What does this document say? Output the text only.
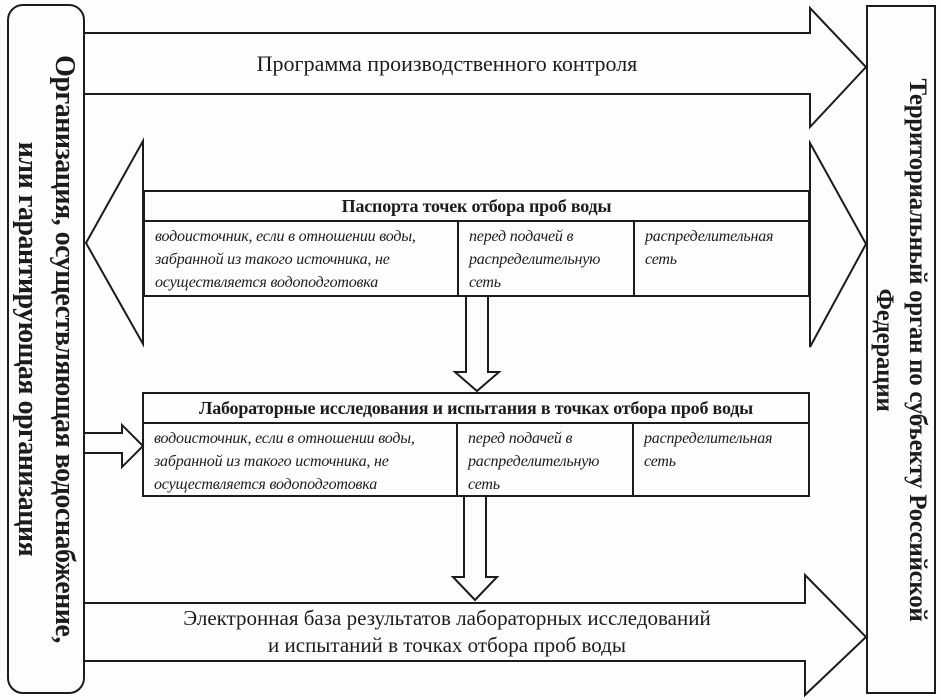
Организация, осуществляющая водоснабжение,
или гарантирующая организация	Территориальный орган по субъекту Российской
Федерации
Программа производственного контроля
Паспорта точек отбора проб воды
водоисточник, если в отношении воды, забранной из такого источника, не осуществляется водоподготовка
перед подачей в распределительную сеть
распределительная сеть
Лабораторные исследования и испытания в точках отбора проб воды
водоисточник, если в отношении воды, забранной из такого источника, не осуществляется водоподготовка
перед подачей в распределительную сеть
распределительная сеть
Электронная база результатов лабораторных исследований
и испытаний в точках отбора проб воды
